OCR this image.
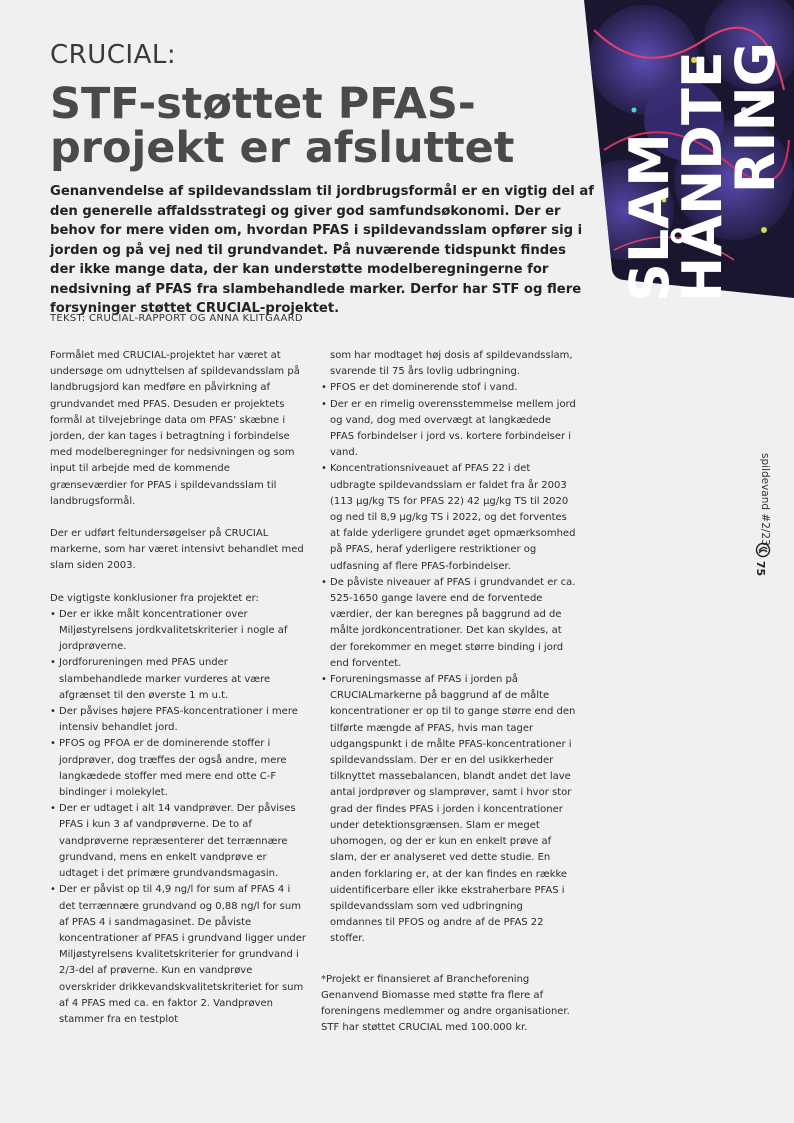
SLAM
HÅNDTE
RING
CRUCIAL:
STF-støttet PFAS-projekt er afsluttet

Genanvendelse af spildevandsslam til jordbrugsformål er en vigtig del af den generelle affaldsstrategi og giver god samfundsøkonomi. Der er behov for mere viden om, hvordan PFAS i spildevandsslam opfører sig i jorden og på vej ned til grundvandet. På nuværende tidspunkt findes der ikke mange data, der kan understøtte modelberegningerne for nedsivning af PFAS fra slambehandlede marker. Derfor har STF og flere forsyninger støttet CRUCIAL-projektet.

TEKST: CRUCIAL-RAPPORT OG ANNA KLITGAARD

Formålet med CRUCIAL-projektet har været at undersøge om udnyttelsen af spildevandsslam på landbrugsjord kan medføre en påvirkning af grundvandet med PFAS. Desuden er projektets formål at tilvejebringe data om PFAS’ skæbne i jorden, der kan tages i betragtning i forbindelse med modelberegninger for nedsivningen og som input til arbejde med de kommende grænseværdier for PFAS i spildevandsslam til landbrugsformål.

Der er udført feltundersøgelser på CRUCIAL markerne, som har været intensivt behandlet med slam siden 2003.

De vigtigste konklusioner fra projektet er:

• Der er ikke målt koncentrationer over Miljøstyrelsens jordkvalitetskriterier i nogle af jordprøverne.
• Jordforureningen med PFAS under slambehandlede marker vurderes at være afgrænset til den øverste 1 m u.t.
• Der påvises højere PFAS-koncentrationer i mere intensiv behandlet jord.
• PFOS og PFOA er de dominerende stoffer i jordprøver, dog træffes der også andre, mere langkædede stoffer med mere end otte C-F bindinger i molekylet.
• Der er udtaget i alt 14 vandprøver. Der påvises PFAS i kun 3 af vandprøverne. De to af vandprøverne repræsenterer det terrænnære grundvand, mens en enkelt vandprøve er udtaget i det primære grundvandsmagasin.
• Der er påvist op til 4,9 ng/l for sum af PFAS 4 i det terrænnære grundvand og 0,88 ng/l for sum af PFAS 4 i sandmagasinet. De påviste koncentrationer af PFAS i grundvand ligger under Miljøstyrelsens kvalitetskriterier for grundvand i 2/3-del af prøverne. Kun en vandprøve overskrider drikkevandskvalitetskriteriet for sum af 4 PFAS med ca. en faktor 2. Vandprøven stammer fra en testplot

som har modtaget høj dosis af spildevandsslam, svarende til 75 års lovlig udbringning.

• PFOS er det dominerende stof i vand.
• Der er en rimelig overensstemmelse mellem jord og vand, dog med overvægt at langkædede PFAS forbindelser i jord vs. kortere forbindelser i vand.
• Koncentrationsniveauet af PFAS 22 i det udbragte spildevandsslam er faldet fra år 2003 (113 µg/kg TS for PFAS 22) 42 µg/kg TS til 2020 og ned til 8,9 µg/kg TS i 2022, og det forventes at falde yderligere grundet øget opmærksomhed på PFAS, heraf yderligere restriktioner og udfasning af flere PFAS-forbindelser.
• De påviste niveauer af PFAS i grundvandet er ca. 525-1650 gange lavere end de forventede værdier, der kan beregnes på baggrund ad de målte jordkoncentrationer. Det kan skyldes, at der forekommer en meget større binding i jord end forventet.
• Forureningsmasse af PFAS i jorden på CRUCIALmarkerne på baggrund af de målte koncentrationer er op til to gange større end den tilførte mængde af PFAS, hvis man tager udgangspunkt i de målte PFAS-koncentrationer i spildevandsslam. Der er en del usikkerheder tilknyttet massebalancen, blandt andet det lave antal jordprøver og slamprøver, samt i hvor stor grad der findes PFAS i jorden i koncentrationer under detektionsgrænsen. Slam er meget uhomogen, og der er kun en enkelt prøve af slam, der er analyseret ved dette studie. En anden forklaring er, at der kan findes en række uidentificerbare eller ikke ekstraherbare PFAS i spildevandsslam som ved udbringning omdannes til PFOS og andre af de PFAS 22 stoffer.

*Projekt er finansieret af Brancheforening Genanvend Biomasse med støtte fra flere af foreningens medlemmer og andre organisationer. STF har støttet CRUCIAL med 100.000 kr.

spildevand #2/23
75
